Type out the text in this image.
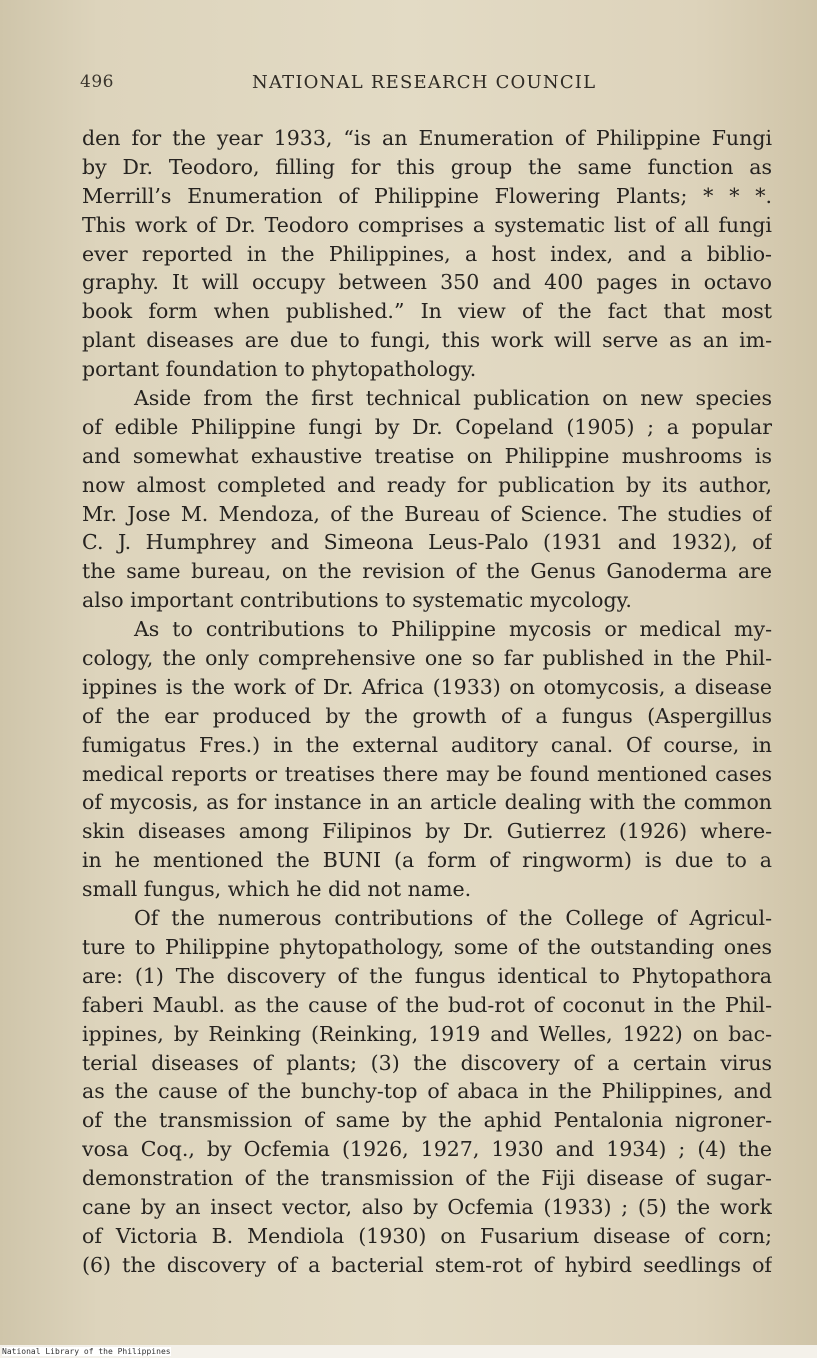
496	NATIONAL RESEARCH COUNCIL
den for the year 1933, “is an Enumeration of Philippine Fungi
by Dr. Teodoro, filling for this group the same function as
Merrill’s Enumeration of Philippine Flowering Plants; * * *.
This work of Dr. Teodoro comprises a systematic list of all fungi
ever reported in the Philippines, a host index, and a biblio-
graphy. It will occupy between 350 and 400 pages in octavo
book form when published.” In view of the fact that most
plant diseases are due to fungi, this work will serve as an im-
portant foundation to phytopathology.
Aside from the first technical publication on new species
of edible Philippine fungi by Dr. Copeland (1905) ; a popular
and somewhat exhaustive treatise on Philippine mushrooms is
now almost completed and ready for publication by its author,
Mr. Jose M. Mendoza, of the Bureau of Science. The studies of
C. J. Humphrey and Simeona Leus-Palo (1931 and 1932), of
the same bureau, on the revision of the Genus Ganoderma are
also important contributions to systematic mycology.
As to contributions to Philippine mycosis or medical my-
cology, the only comprehensive one so far published in the Phil-
ippines is the work of Dr. Africa (1933) on otomycosis, a disease
of the ear produced by the growth of a fungus (Aspergillus
fumigatus Fres.) in the external auditory canal. Of course, in
medical reports or treatises there may be found mentioned cases
of mycosis, as for instance in an article dealing with the common
skin diseases among Filipinos by Dr. Gutierrez (1926) where-
in he mentioned the BUNI (a form of ringworm) is due to a
small fungus, which he did not name.
Of the numerous contributions of the College of Agricul-
ture to Philippine phytopathology, some of the outstanding ones
are: (1) The discovery of the fungus identical to Phytopathora
faberi Maubl. as the cause of the bud-rot of coconut in the Phil-
ippines, by Reinking (Reinking, 1919 and Welles, 1922) on bac-
terial diseases of plants; (3) the discovery of a certain virus
as the cause of the bunchy-top of abaca in the Philippines, and
of the transmission of same by the aphid Pentalonia nigroner-
vosa Coq., by Ocfemia (1926, 1927, 1930 and 1934) ; (4) the
demonstration of the transmission of the Fiji disease of sugar-
cane by an insect vector, also by Ocfemia (1933) ; (5) the work
of Victoria B. Mendiola (1930) on Fusarium disease of corn;
(6) the discovery of a bacterial stem-rot of hybird seedlings of
National Library of the Philippines
